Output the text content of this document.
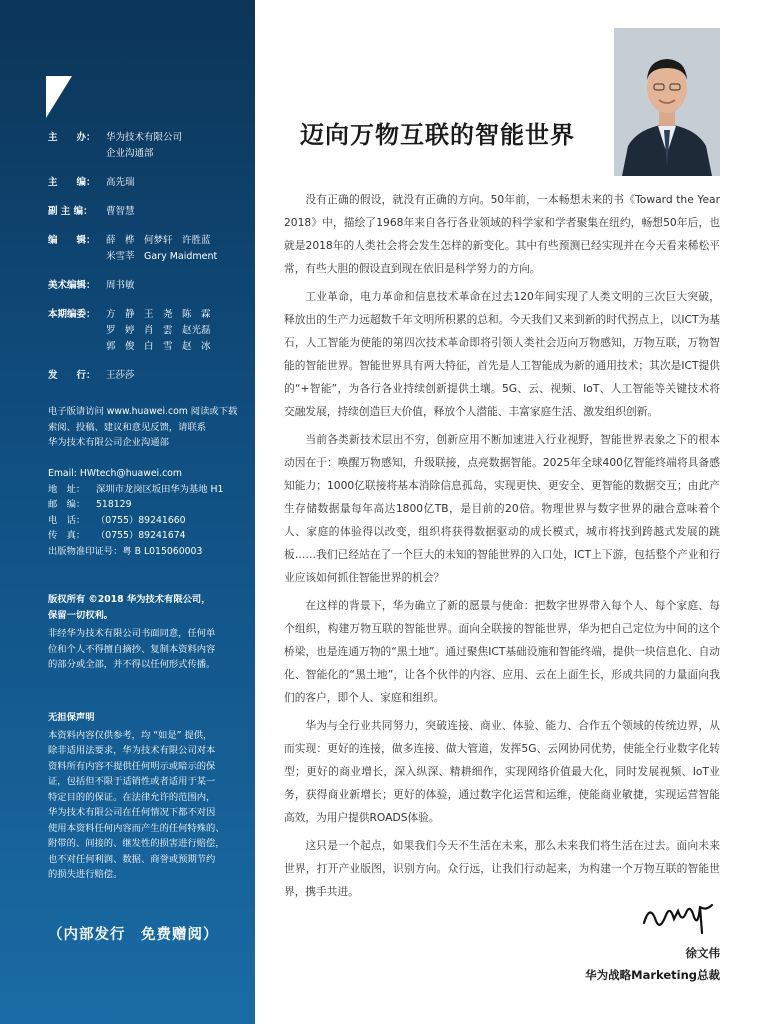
主　　办：	华为技术有限公司
企业沟通部
主　　编：	高先瑞
副 主 编：	曹智慧
编　　辑：	薛　桦　何梦轩　许胜蓝
米雪莘　Gary Maidment
美术编辑：	周书敏
本期编委：	方　静　王　尧　陈　霖
罗　婷　肖　雲　赵光磊
郭　俊　白　雪　赵　冰
发　　行：	王莎莎
电子版请访问 www.huawei.com 阅读或下载
索阅、投稿、建议和意见反馈，请联系
华为技术有限公司企业沟通部
Email: HWtech@huawei.com
地　址：	深圳市龙岗区坂田华为基地 H1
邮　编：	518129
电　话：	（0755）89241660
传　真：	（0755）89241674
出版物准印证号：粤 B L015060003
版权所有 ©2018 华为技术有限公司，
保留一切权利。
非经华为技术有限公司书面同意，任何单
位和个人不得擅自摘抄、复制本资料内容
的部分或全部，并不得以任何形式传播。
无担保声明
本资料内容仅供参考，均 “如是” 提供，
除非适用法要求，华为技术有限公司对本
资料所有内容不提供任何明示或暗示的保
证，包括但不限于适销性或者适用于某一
特定目的的保证。在法律允许的范围内，
华为技术有限公司在任何情况下都不对因
使用本资料任何内容而产生的任何特殊的、
附带的、间接的、继发性的损害进行赔偿，
也不对任何利润、数据、商誉或预期节约
的损失进行赔偿。
（内部发行　免费赠阅）
迈向万物互联的智能世界

没有正确的假设，就没有正确的方向。50年前，一本畅想未来的书《Toward the Year 2018》中，描绘了1968年来自各行各业领域的科学家和学者聚集在纽约，畅想50年后，也就是2018年的人类社会将会发生怎样的新变化。其中有些预测已经实现并在今天看来稀松平常，有些大胆的假设直到现在依旧是科学努力的方向。

工业革命，电力革命和信息技术革命在过去120年间实现了人类文明的三次巨大突破，释放出的生产力远超数千年文明所积累的总和。今天我们又来到新的时代拐点上，以ICT为基石，人工智能为使能的第四次技术革命即将引领人类社会迈向万物感知，万物互联，万物智能的智能世界。智能世界具有两大特征，首先是人工智能成为新的通用技术；其次是ICT提供的“+智能”，为各行各业持续创新提供土壤。5G、云、视频、IoT、人工智能等关键技术将交融发展，持续创造巨大价值，释放个人潜能、丰富家庭生活、激发组织创新。

当前各类新技术层出不穷，创新应用不断加速进入行业视野，智能世界表象之下的根本动因在于：唤醒万物感知，升级联接，点亮数据智能。2025年全球400亿智能终端将具备感知能力；1000亿联接将基本消除信息孤岛，实现更快、更安全、更智能的数据交互；由此产生存储数据量每年高达1800亿TB，是目前的20倍。物理世界与数字世界的融合意味着个人、家庭的体验得以改变，组织将获得数据驱动的成长模式，城市将找到跨越式发展的跳板……我们已经站在了一个巨大的未知的智能世界的入口处，ICT上下游，包括整个产业和行业应该如何抓住智能世界的机会？

在这样的背景下，华为确立了新的愿景与使命：把数字世界带入每个人、每个家庭、每个组织，构建万物互联的智能世界。面向全联接的智能世界，华为把自己定位为中间的这个桥梁，也是连通万物的“黑土地”。通过聚焦ICT基础设施和智能终端，提供一块信息化、自动化、智能化的“黑土地”，让各个伙伴的内容、应用、云在上面生长，形成共同的力量面向我们的客户，即个人、家庭和组织。

华为与全行业共同努力，突破连接、商业、体验、能力、合作五个领域的传统边界，从而实现：更好的连接，做多连接、做大管道，发挥5G、云网协同优势，使能全行业数字化转型；更好的商业增长，深入纵深、精耕细作，实现网络价值最大化，同时发展视频、IoT业务，获得商业新增长；更好的体验，通过数字化运营和运维，使能商业敏捷，实现运营智能高效，为用户提供ROADS体验。

这只是一个起点，如果我们今天不生活在未来，那么未来我们将生活在过去。面向未来世界，打开产业版图，识别方向。众行远，让我们行动起来，为构建一个万物互联的智能世界，携手共进。

徐文伟
华为战略Marketing总裁
